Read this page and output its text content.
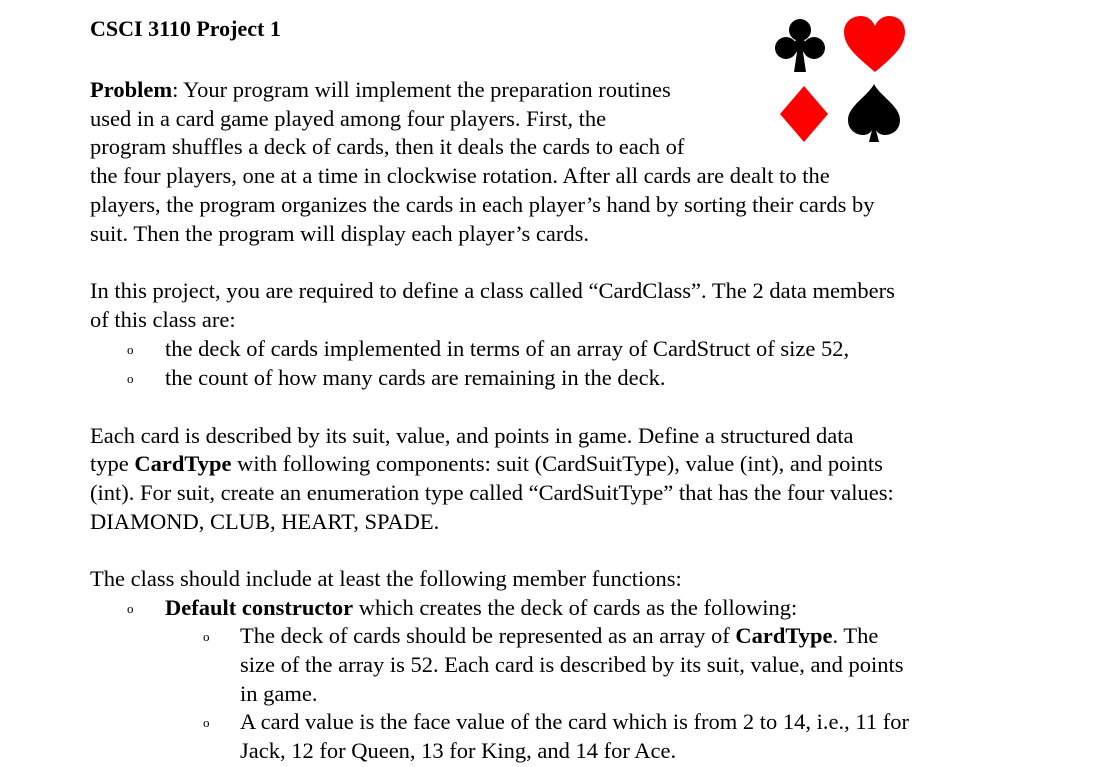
CSCI 3110 Project 1

Problem: Your program will implement the preparation routines

used in a card game played among four players. First, the

program shuffles a deck of cards, then it deals the cards to each of

the four players, one at a time in clockwise rotation. After all cards are dealt to the

players, the program organizes the cards in each player’s hand by sorting their cards by

suit. Then the program will display each player’s cards.

In this project, you are required to define a class called “CardClass”. The 2 data members

of this class are:

o the deck of cards implemented in terms of an array of CardStruct of size 52,

o the count of how many cards are remaining in the deck.

Each card is described by its suit, value, and points in game. Define a structured data

type CardType with following components: suit (CardSuitType), value (int), and points

(int). For suit, create an enumeration type called “CardSuitType” that has the four values:

DIAMOND, CLUB, HEART, SPADE.

The class should include at least the following member functions:

o Default constructor which creates the deck of cards as the following:

o The deck of cards should be represented as an array of CardType. The

size of the array is 52. Each card is described by its suit, value, and points

in game.

o A card value is the face value of the card which is from 2 to 14, i.e., 11 for

Jack, 12 for Queen, 13 for King, and 14 for Ace.
